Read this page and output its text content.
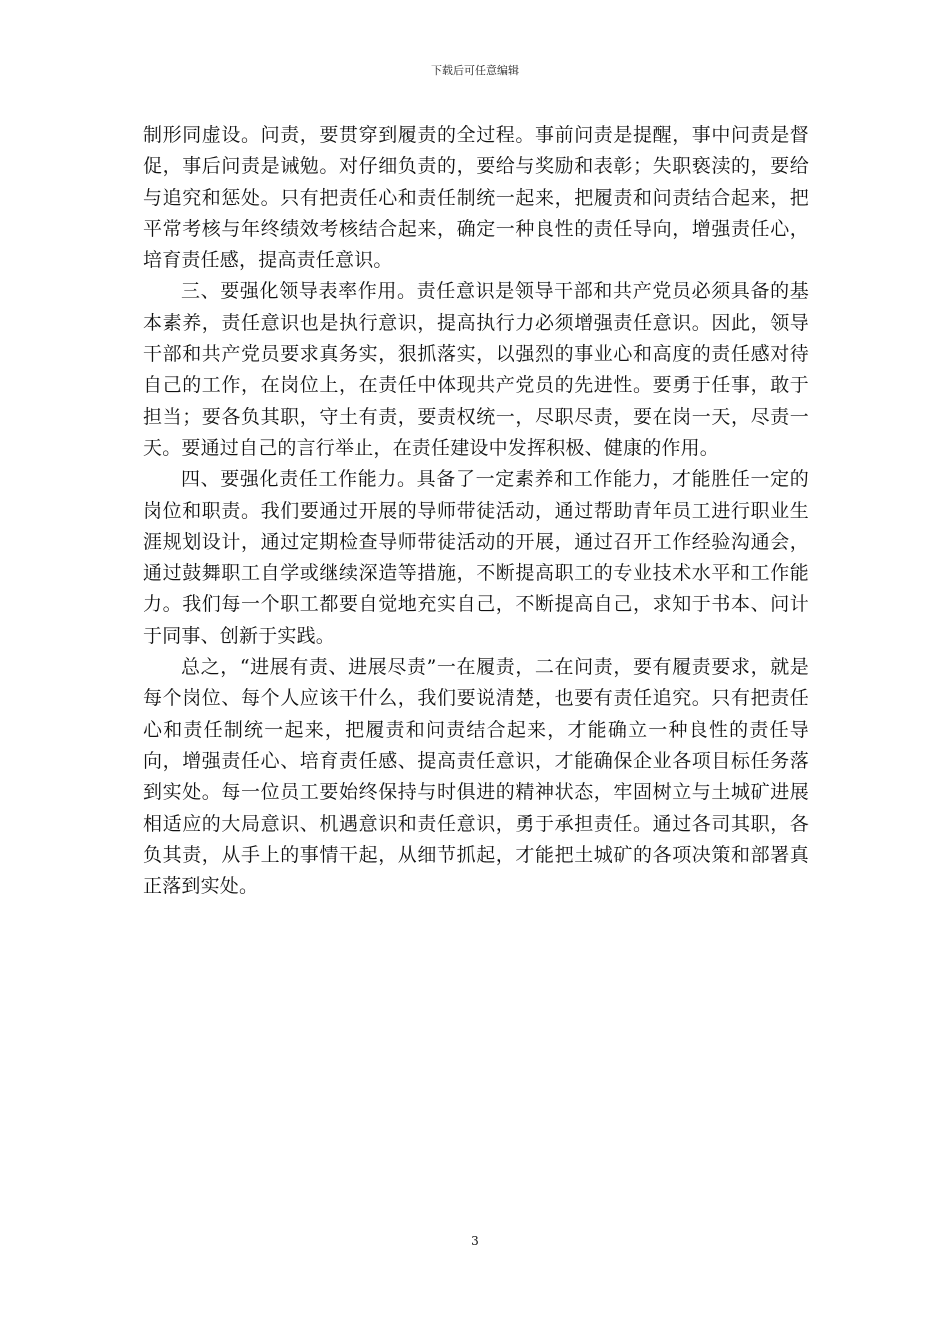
下载后可任意编辑

制形同虚设。问责，要贯穿到履责的全过程。事前问责是提醒，事中问责是督促，事后问责是诫勉。对仔细负责的，要给与奖励和表彰；失职亵渎的，要给与追究和惩处。只有把责任心和责任制统一起来，把履责和问责结合起来，把平常考核与年终绩效考核结合起来，确定一种良性的责任导向，增强责任心，培育责任感，提高责任意识。

三、要强化领导表率作用。责任意识是领导干部和共产党员必须具备的基本素养，责任意识也是执行意识，提高执行力必须增强责任意识。因此，领导干部和共产党员要求真务实，狠抓落实，以强烈的事业心和高度的责任感对待自己的工作，在岗位上，在责任中体现共产党员的先进性。要勇于任事，敢于担当；要各负其职，守土有责，要责权统一，尽职尽责，要在岗一天，尽责一天。要通过自己的言行举止，在责任建设中发挥积极、健康的作用。

四、要强化责任工作能力。具备了一定素养和工作能力，才能胜任一定的岗位和职责。我们要通过开展的导师带徒活动，通过帮助青年员工进行职业生涯规划设计，通过定期检查导师带徒活动的开展，通过召开工作经验沟通会，通过鼓舞职工自学或继续深造等措施，不断提高职工的专业技术水平和工作能力。我们每一个职工都要自觉地充实自己，不断提高自己，求知于书本、问计于同事、创新于实践。

总之，“进展有责、进展尽责”一在履责，二在问责，要有履责要求，就是每个岗位、每个人应该干什么，我们要说清楚，也要有责任追究。只有把责任心和责任制统一起来，把履责和问责结合起来，才能确立一种良性的责任导向，增强责任心、培育责任感、提高责任意识，才能确保企业各项目标任务落到实处。每一位员工要始终保持与时俱进的精神状态，牢固树立与土城矿进展相适应的大局意识、机遇意识和责任意识，勇于承担责任。通过各司其职，各负其责，从手上的事情干起，从细节抓起，才能把土城矿的各项决策和部署真正落到实处。

3
